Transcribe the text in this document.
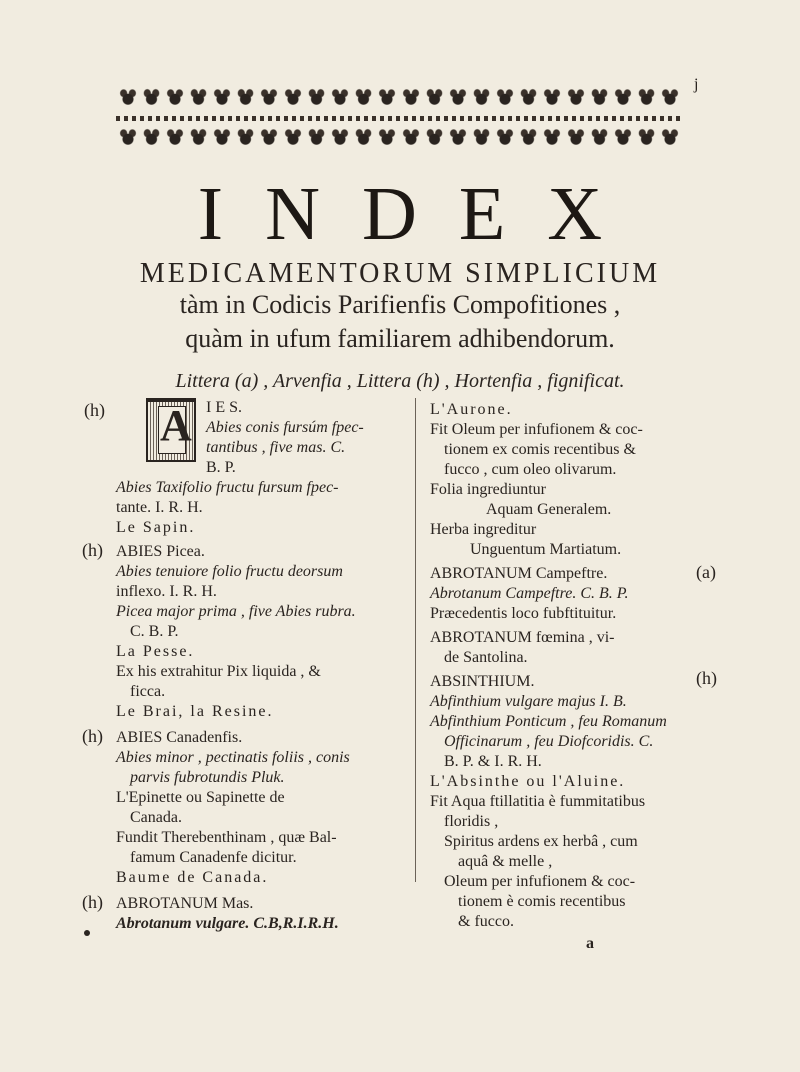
j
INDEX
MEDICAMENTORUM SIMPLICIUM
tàm in Codicis Parifienfis Compofitiones ,
quàm in ufum familiarem adhibendorum.
Littera (a) , Arvenfia , Littera (h) , Hortenfia , fignificat.
(h)
A	I E S.
Abies conis fursúm fpec-
tantibus , five mas. C.
B. P.
Abies Taxifolio fructu fursum fpec-
tante. I. R. H.
Le Sapin.
(h) ABIES Picea.
Abies tenuiore folio fructu deorsum
inflexo. I. R. H.
Picea major prima , five Abies rubra.
C. B. P.
La Pesse.
Ex his extrahitur Pix liquida , &
ficca.
Le Brai, la Resine.
(h) ABIES Canadenfis.
Abies minor , pectinatis foliis , conis
parvis fubrotundis Pluk.
L'Epinette ou Sapinette de
Canada.
Fundit Therebenthinam , quæ Bal-
famum Canadenfe dicitur.
Baume de Canada.
(h) ABROTANUM Mas.
Abrotanum vulgare. C.B,R.I.R.H.
L'Aurone.
Fit Oleum per infufionem & coc-
tionem ex comis recentibus &
fucco , cum oleo olivarum.
Folia ingrediuntur
Aquam Generalem.
Herba ingreditur
Unguentum Martiatum.
(a)
ABROTANUM Campeftre.
Abrotanum Campeftre. C. B. P.
Præcedentis loco fubftituitur.
ABROTANUM fœmina , vi-
de Santolina.
(h)
ABSINTHIUM.
Abfinthium vulgare majus I. B.
Abfinthium Ponticum , feu Romanum
Officinarum , feu Diofcoridis. C.
B. P. & I. R. H.
L'Absinthe ou l'Aluine.
Fit Aqua ftillatitia è fummitatibus
floridis ,
Spiritus ardens ex herbâ , cum
aquâ & melle ,
Oleum per infufionem & coc-
tionem è comis recentibus
& fucco.
a
